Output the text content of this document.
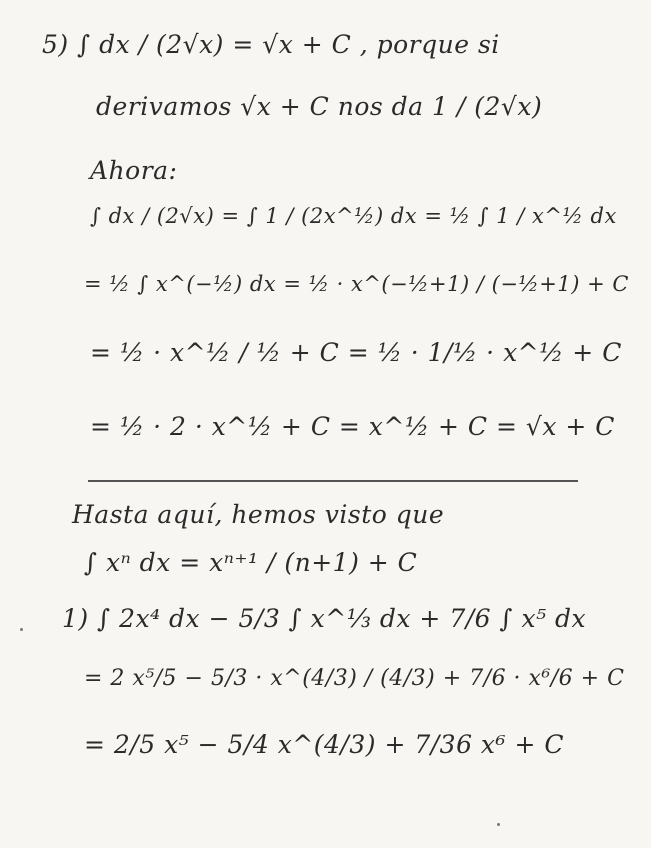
5) ∫ dx / (2√x) = √x + C , porque si
derivamos √x + C nos da 1 / (2√x)
Ahora:
∫ dx / (2√x) = ∫ 1 / (2x^½) dx = ½ ∫ 1 / x^½ dx
= ½ ∫ x^(−½) dx = ½ · x^(−½+1) / (−½+1) + C
= ½ · x^½ / ½ + C = ½ · 1/½ · x^½ + C
= ½ · 2 · x^½ + C = x^½ + C = √x + C
Hasta aquí, hemos visto que
∫ xⁿ dx = xⁿ⁺¹ / (n+1) + C
1) ∫ 2x⁴ dx − 5/3 ∫ x^⅓ dx + 7/6 ∫ x⁵ dx
= 2 x⁵/5 − 5/3 · x^(4/3) / (4/3) + 7/6 · x⁶/6 + C
= 2/5 x⁵ − 5/4 x^(4/3) + 7/36 x⁶ + C
